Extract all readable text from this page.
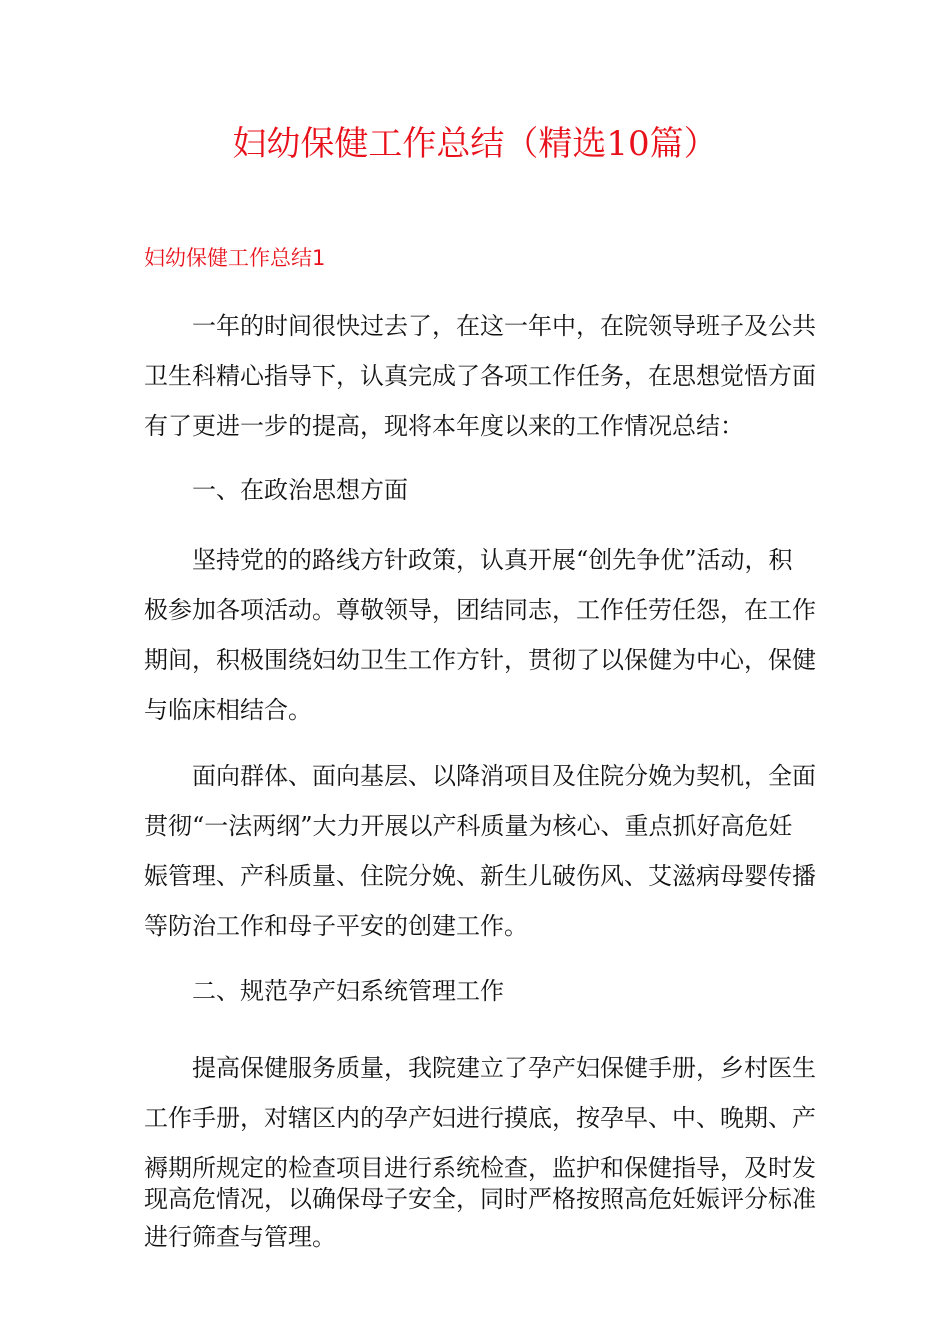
妇幼保健工作总结（精选10篇）
妇幼保健工作总结1
一年的时间很快过去了，在这一年中，在院领导班子及公共
卫生科精心指导下，认真完成了各项工作任务，在思想觉悟方面
有了更进一步的提高，现将本年度以来的工作情况总结：
一、在政治思想方面
坚持党的的路线方针政策，认真开展“创先争优”活动，积
极参加各项活动。尊敬领导，团结同志，工作任劳任怨，在工作
期间，积极围绕妇幼卫生工作方针，贯彻了以保健为中心，保健
与临床相结合。
面向群体、面向基层、以降消项目及住院分娩为契机，全面
贯彻“一法两纲”大力开展以产科质量为核心、重点抓好高危妊
娠管理、产科质量、住院分娩、新生儿破伤风、艾滋病母婴传播
等防治工作和母子平安的创建工作。
二、规范孕产妇系统管理工作
提高保健服务质量，我院建立了孕产妇保健手册，乡村医生
工作手册，对辖区内的孕产妇进行摸底，按孕早、中、晚期、产
褥期所规定的检查项目进行系统检查，监护和保健指导，及时发
现高危情况，以确保母子安全，同时严格按照高危妊娠评分标准
进行筛查与管理。
